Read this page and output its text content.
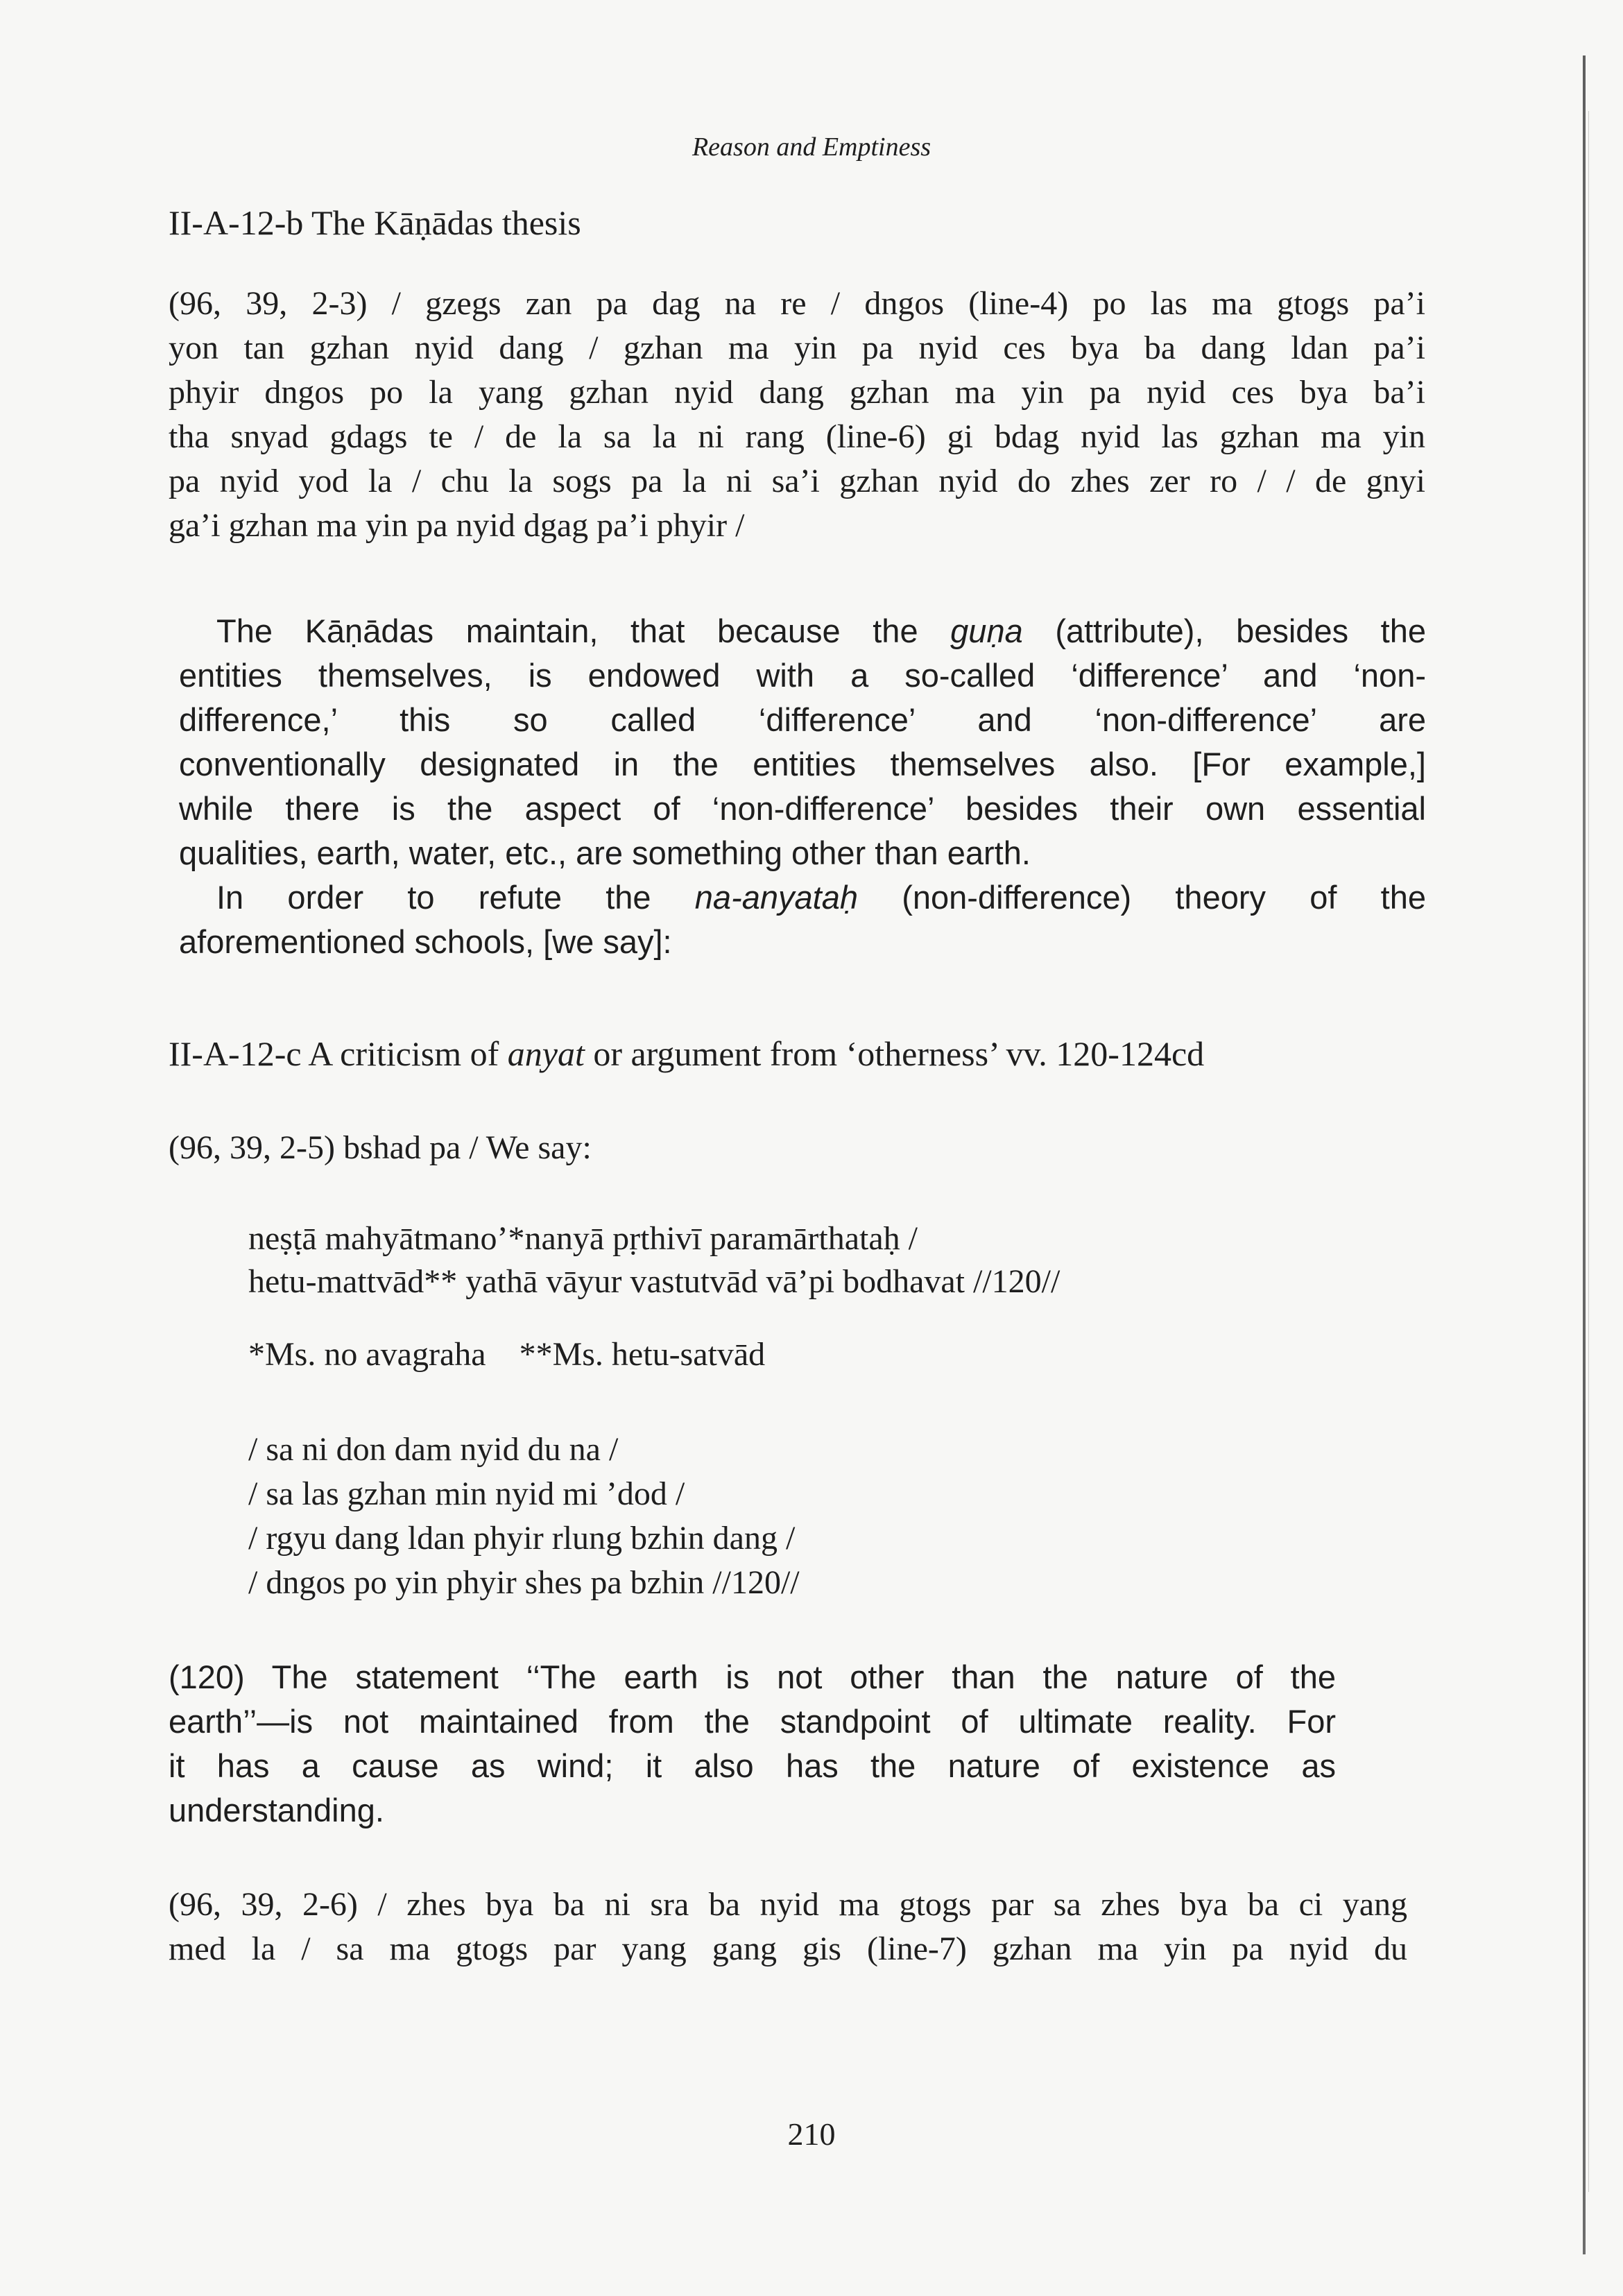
Reason and Emptiness
II-A-12-b The Kāṇādas thesis
(96, 39, 2-3) / gzegs zan pa dag na re / dngos (line-4) po las ma gtogs pa’i
yon tan gzhan nyid dang / gzhan ma yin pa nyid ces bya ba dang ldan pa’i
phyir dngos po la yang gzhan nyid dang gzhan ma yin pa nyid ces bya ba’i
tha snyad gdags te / de la sa la ni rang (line-6) gi bdag nyid las gzhan ma yin
pa nyid yod la / chu la sogs pa la ni sa’i gzhan nyid do zhes zer ro / / de gnyi
ga’i gzhan ma yin pa nyid dgag pa’i phyir /
The Kāṇādas maintain, that because the guṇa (attribute), besides the
entities themselves, is endowed with a so-called ‘difference’ and ‘non-
difference,’ this so called ‘difference’ and ‘non-difference’ are
conventionally designated in the entities themselves also. [For example,]
while there is the aspect of ‘non-difference’ besides their own essential
qualities, earth, water, etc., are something other than earth.
In order to refute the na-anyataḥ (non-difference) theory of the
aforementioned schools, [we say]:
II-A-12-c A criticism of anyat or argument from ‘otherness’ vv. 120-124cd
(96, 39, 2-5) bshad pa / We say:
neṣṭā mahyātmano’*nanyā pṛthivī paramārthataḥ /
hetu-mattvād** yathā vāyur vastutvād vā’pi bodhavat //120//
*Ms. no avagraha    **Ms. hetu-satvād
/ sa ni don dam nyid du na /
/ sa las gzhan min nyid mi ’dod /
/ rgyu dang ldan phyir rlung bzhin dang /
/ dngos po yin phyir shes pa bzhin //120//
(120) The statement ‘‘The earth is not other than the nature of the
earth’’—is not maintained from the standpoint of ultimate reality. For
it has a cause as wind; it also has the nature of existence as
understanding.
(96, 39, 2-6) / zhes bya ba ni sra ba nyid ma gtogs par sa zhes bya ba ci yang
med la / sa ma gtogs par yang gang gis (line-7) gzhan ma yin pa nyid du
210
